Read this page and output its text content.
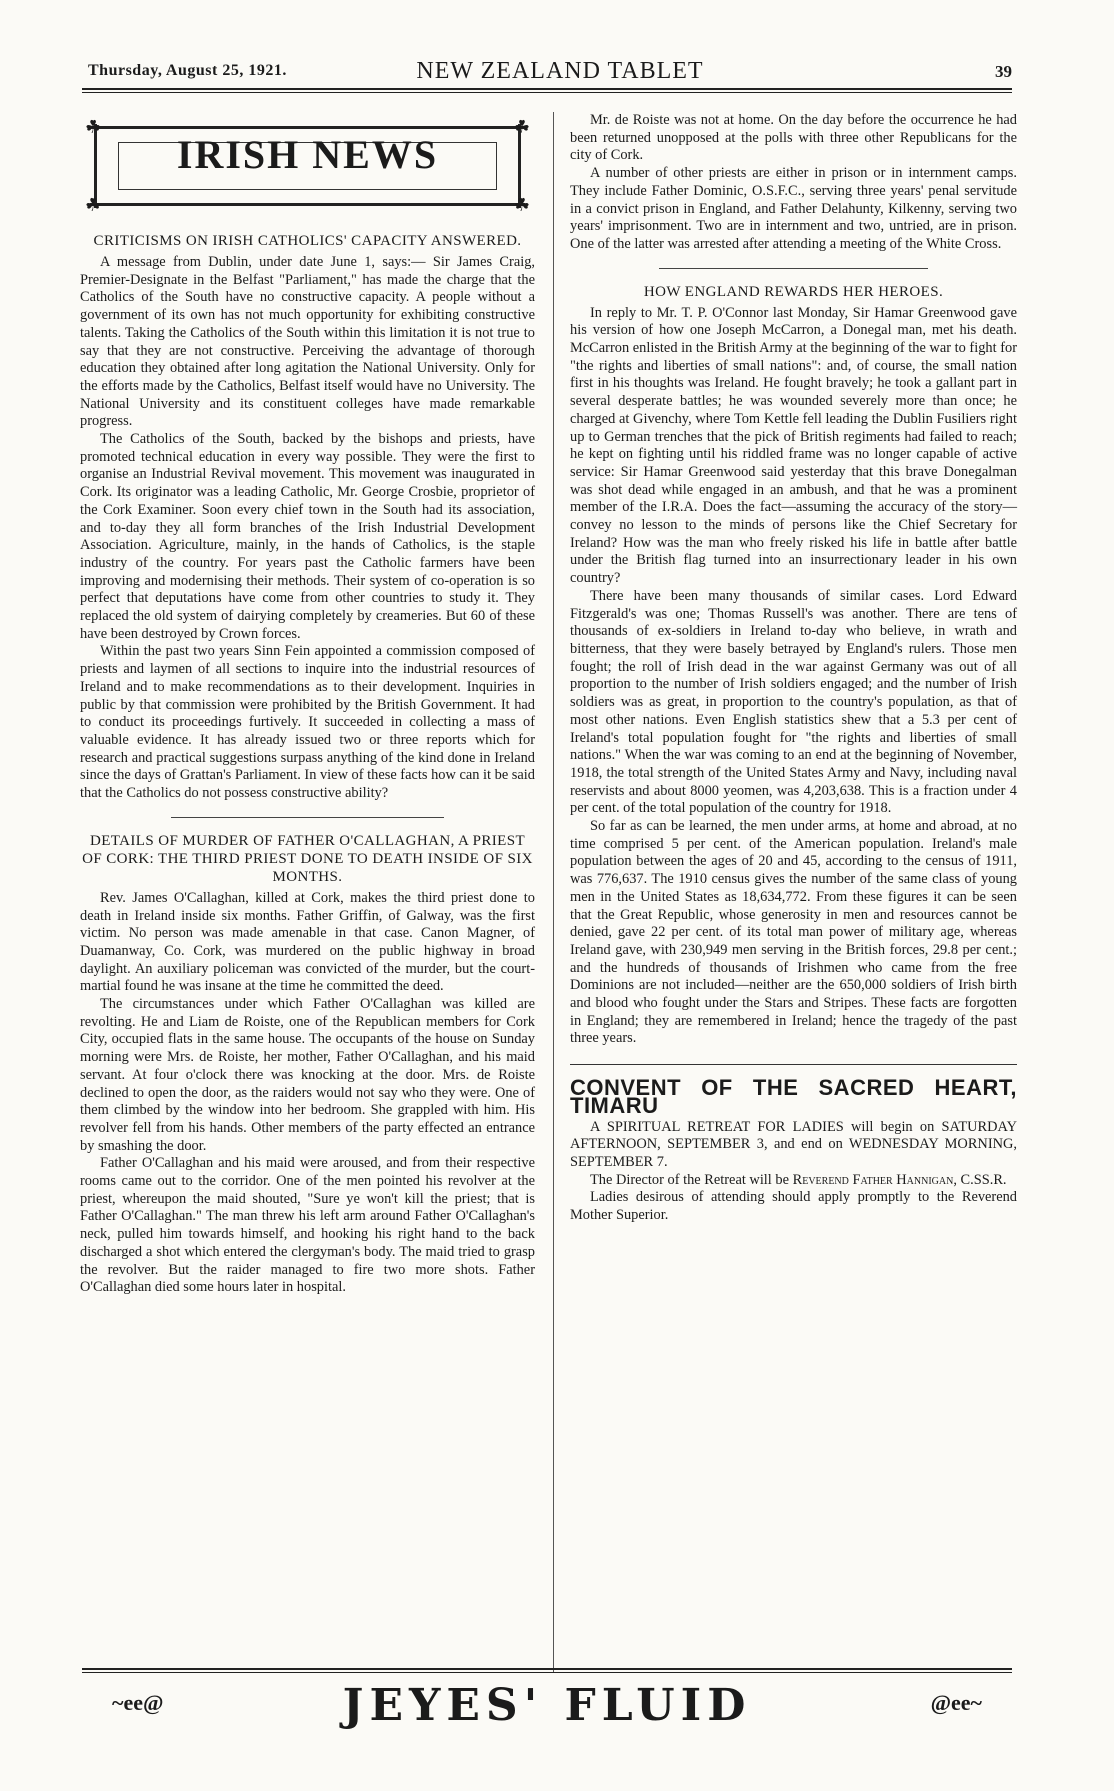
Thursday, August 25, 1921.	NEW ZEALAND TABLET	39
☘	☘
☘	☘
IRISH NEWS
CRITICISMS ON IRISH CATHOLICS' CAPACITY ANSWERED.

A message from Dublin, under date June 1, says:— Sir James Craig, Premier-Designate in the Belfast "Parliament," has made the charge that the Catholics of the South have no constructive capacity. A people without a government of its own has not much opportunity for exhibiting constructive talents. Taking the Catholics of the South within this limitation it is not true to say that they are not constructive. Perceiving the advantage of thorough education they obtained after long agitation the National University. Only for the efforts made by the Catholics, Belfast itself would have no University. The National University and its constituent colleges have made remarkable progress.

The Catholics of the South, backed by the bishops and priests, have promoted technical education in every way possible. They were the first to organise an Industrial Revival movement. This movement was inaugurated in Cork. Its originator was a leading Catholic, Mr. George Crosbie, proprietor of the Cork Examiner. Soon every chief town in the South had its association, and to-day they all form branches of the Irish Industrial Development Association. Agriculture, mainly, in the hands of Catholics, is the staple industry of the country. For years past the Catholic farmers have been improving and modernising their methods. Their system of co-operation is so perfect that deputations have come from other countries to study it. They replaced the old system of dairying completely by creameries. But 60 of these have been destroyed by Crown forces.

Within the past two years Sinn Fein appointed a commission composed of priests and laymen of all sections to inquire into the industrial resources of Ireland and to make recommendations as to their development. Inquiries in public by that commission were prohibited by the British Government. It had to conduct its proceedings furtively. It succeeded in collecting a mass of valuable evidence. It has already issued two or three reports which for research and practical suggestions surpass anything of the kind done in Ireland since the days of Grattan's Parliament. In view of these facts how can it be said that the Catholics do not possess constructive ability?

DETAILS OF MURDER OF FATHER O'CALLAGHAN, A PRIEST OF CORK: THE THIRD PRIEST DONE TO DEATH INSIDE OF SIX MONTHS.

Rev. James O'Callaghan, killed at Cork, makes the third priest done to death in Ireland inside six months. Father Griffin, of Galway, was the first victim. No person was made amenable in that case. Canon Magner, of Duamanway, Co. Cork, was murdered on the public highway in broad daylight. An auxiliary policeman was convicted of the murder, but the court-martial found he was insane at the time he committed the deed.

The circumstances under which Father O'Callaghan was killed are revolting. He and Liam de Roiste, one of the Republican members for Cork City, occupied flats in the same house. The occupants of the house on Sunday morning were Mrs. de Roiste, her mother, Father O'Callaghan, and his maid servant. At four o'clock there was knocking at the door. Mrs. de Roiste declined to open the door, as the raiders would not say who they were. One of them climbed by the window into her bedroom. She grappled with him. His revolver fell from his hands. Other members of the party effected an entrance by smashing the door.

Father O'Callaghan and his maid were aroused, and from their respective rooms came out to the corridor. One of the men pointed his revolver at the priest, whereupon the maid shouted, "Sure ye won't kill the priest; that is Father O'Callaghan." The man threw his left arm around Father O'Callaghan's neck, pulled him towards himself, and hooking his right hand to the back discharged a shot which entered the clergyman's body. The maid tried to grasp the revolver. But the raider managed to fire two more shots. Father O'Callaghan died some hours later in hospital.

Mr. de Roiste was not at home. On the day before the occurrence he had been returned unopposed at the polls with three other Republicans for the city of Cork.

A number of other priests are either in prison or in internment camps. They include Father Dominic, O.S.F.C., serving three years' penal servitude in a convict prison in England, and Father Delahunty, Kilkenny, serving two years' imprisonment. Two are in internment and two, untried, are in prison. One of the latter was arrested after attending a meeting of the White Cross.

HOW ENGLAND REWARDS HER HEROES.

In reply to Mr. T. P. O'Connor last Monday, Sir Hamar Greenwood gave his version of how one Joseph McCarron, a Donegal man, met his death. McCarron enlisted in the British Army at the beginning of the war to fight for "the rights and liberties of small nations": and, of course, the small nation first in his thoughts was Ireland. He fought bravely; he took a gallant part in several desperate battles; he was wounded severely more than once; he charged at Givenchy, where Tom Kettle fell leading the Dublin Fusiliers right up to German trenches that the pick of British regiments had failed to reach; he kept on fighting until his riddled frame was no longer capable of active service: Sir Hamar Greenwood said yesterday that this brave Donegalman was shot dead while engaged in an ambush, and that he was a prominent member of the I.R.A. Does the fact—assuming the accuracy of the story—convey no lesson to the minds of persons like the Chief Secretary for Ireland? How was the man who freely risked his life in battle after battle under the British flag turned into an insurrectionary leader in his own country?

There have been many thousands of similar cases. Lord Edward Fitzgerald's was one; Thomas Russell's was another. There are tens of thousands of ex-soldiers in Ireland to-day who believe, in wrath and bitterness, that they were basely betrayed by England's rulers. Those men fought; the roll of Irish dead in the war against Germany was out of all proportion to the number of Irish soldiers engaged; and the number of Irish soldiers was as great, in proportion to the country's population, as that of most other nations. Even English statistics shew that a 5.3 per cent of Ireland's total population fought for "the rights and liberties of small nations." When the war was coming to an end at the beginning of November, 1918, the total strength of the United States Army and Navy, including naval reservists and about 8000 yeomen, was 4,203,638. This is a fraction under 4 per cent. of the total population of the country for 1918.

So far as can be learned, the men under arms, at home and abroad, at no time comprised 5 per cent. of the American population. Ireland's male population between the ages of 20 and 45, according to the census of 1911, was 776,637. The 1910 census gives the number of the same class of young men in the United States as 18,634,772. From these figures it can be seen that the Great Republic, whose generosity in men and resources cannot be denied, gave 22 per cent. of its total man power of military age, whereas Ireland gave, with 230,949 men serving in the British forces, 29.8 per cent.; and the hundreds of thousands of Irishmen who came from the free Dominions are not included—neither are the 650,000 soldiers of Irish birth and blood who fought under the Stars and Stripes. These facts are forgotten in England; they are remembered in Ireland; hence the tragedy of the past three years.

CONVENT OF THE SACRED HEART, TIMARU

A SPIRITUAL RETREAT FOR LADIES will begin on SATURDAY AFTERNOON, SEPTEMBER 3, and end on WEDNESDAY MORNING, SEPTEMBER 7.

The Director of the Retreat will be Reverend Father Hannigan, C.SS.R.

Ladies desirous of attending should apply promptly to the Reverend Mother Superior.

~ee@	JEYES' FLUID	@ee~
